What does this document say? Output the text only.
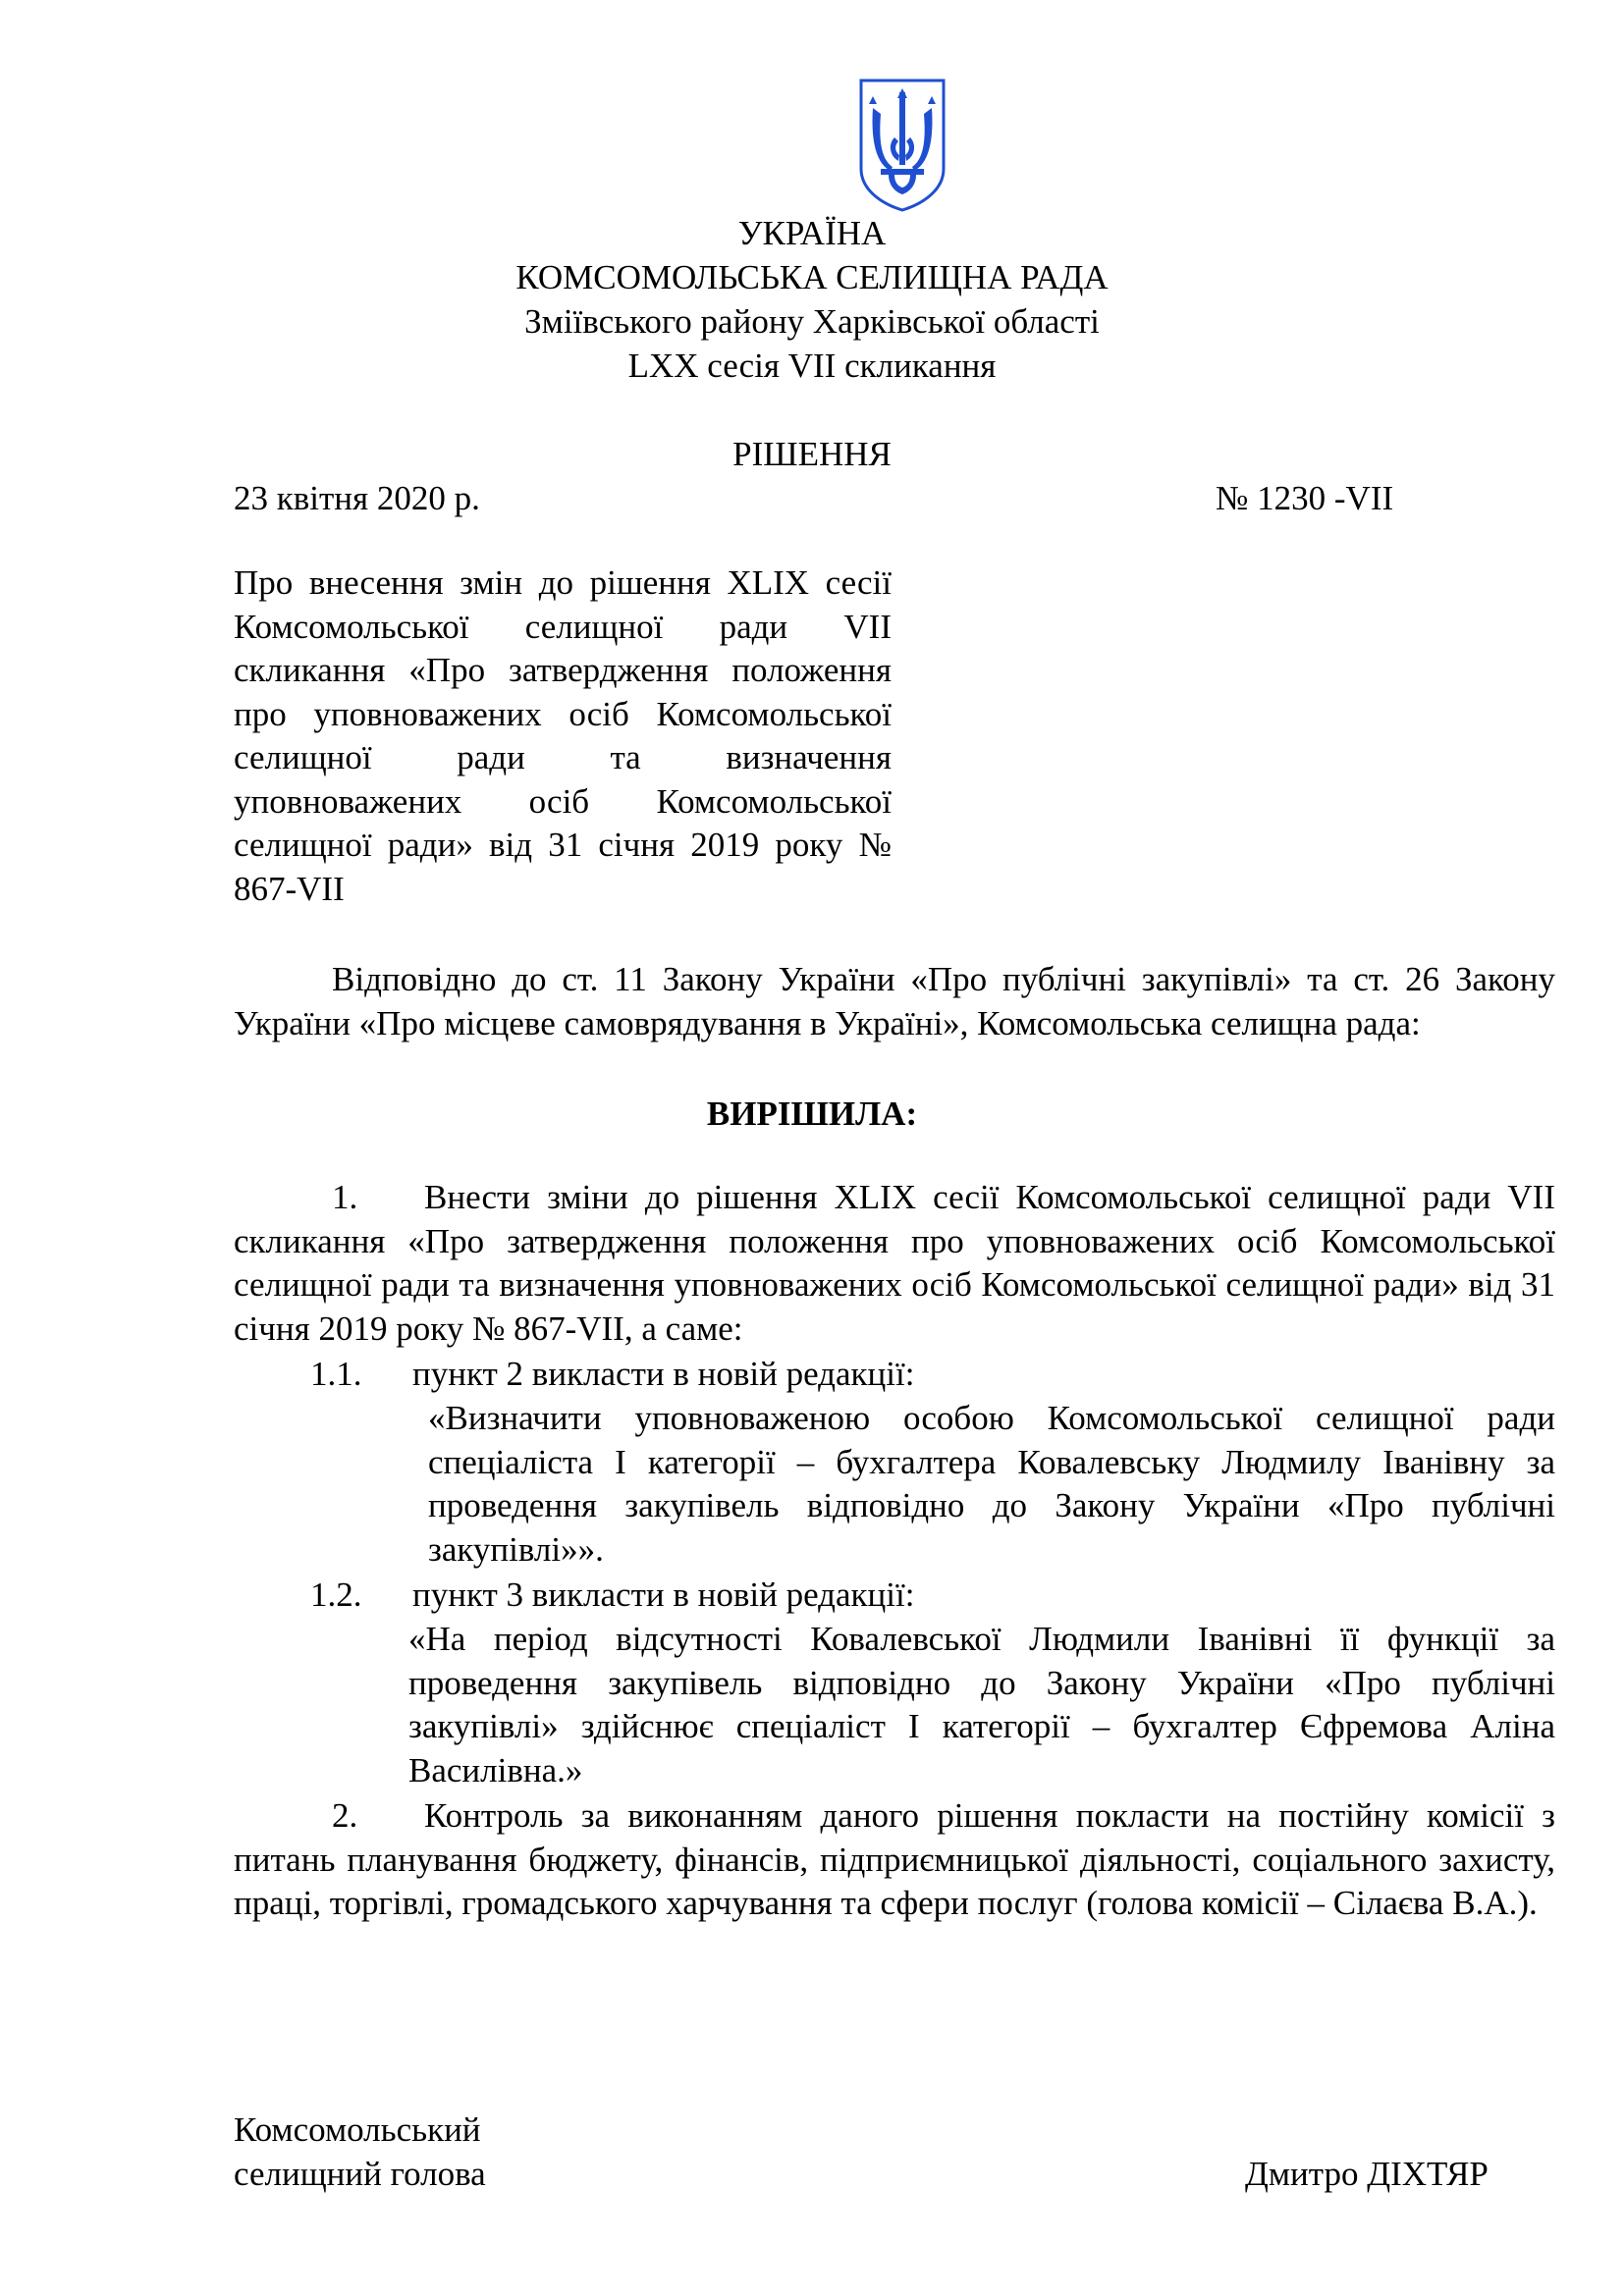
УКРАЇНА
КОМСОМОЛЬСЬКА СЕЛИЩНА РАДА
Зміївського району Харківської області
LXX сесія VII скликання
РІШЕННЯ
23 квітня 2020 р.	№ 1230 -VII
Про внесення змін до рішення XLIX сесії Комсомольської селищної ради VII скликання «Про затвердження положення про уповноважених осіб Комсомольської селищної ради та визначення уповноважених осіб Комсомольської селищної ради» від 31 січня 2019 року № 867-VII
Відповідно до ст. 11 Закону України «Про публічні закупівлі» та ст. 26 Закону України «Про місцеве самоврядування в Україні», Комсомольська селищна рада:
ВИРІШИЛА:
1.	Внести зміни до рішення XLIX сесії Комсомольської селищної ради VII скликання «Про затвердження положення про уповноважених осіб Комсомольської селищної ради та визначення уповноважених осіб Комсомольської селищної ради» від 31 січня 2019 року № 867-VII, а саме:
1.1. пункт 2 викласти в новій редакції:
«Визначити уповноваженою особою Комсомольської селищної ради спеціаліста І категорії – бухгалтера Ковалевську Людмилу Іванівну за проведення закупівель відповідно до Закону України «Про публічні закупівлі»».
1.2. пункт 3 викласти в новій редакції:
«На період відсутності Ковалевської Людмили Іванівні її функції за проведення закупівель відповідно до Закону України «Про публічні закупівлі» здійснює спеціаліст І категорії – бухгалтер Єфремова Аліна Василівна.»
2.	Контроль за виконанням даного рішення покласти на постійну комісії з питань планування бюджету, фінансів, підприємницької діяльності, соціального захисту, праці, торгівлі, громадського харчування та сфери послуг (голова комісії – Сілаєва В.А.).
Комсомольський
селищний голова	Дмитро ДІХТЯР
